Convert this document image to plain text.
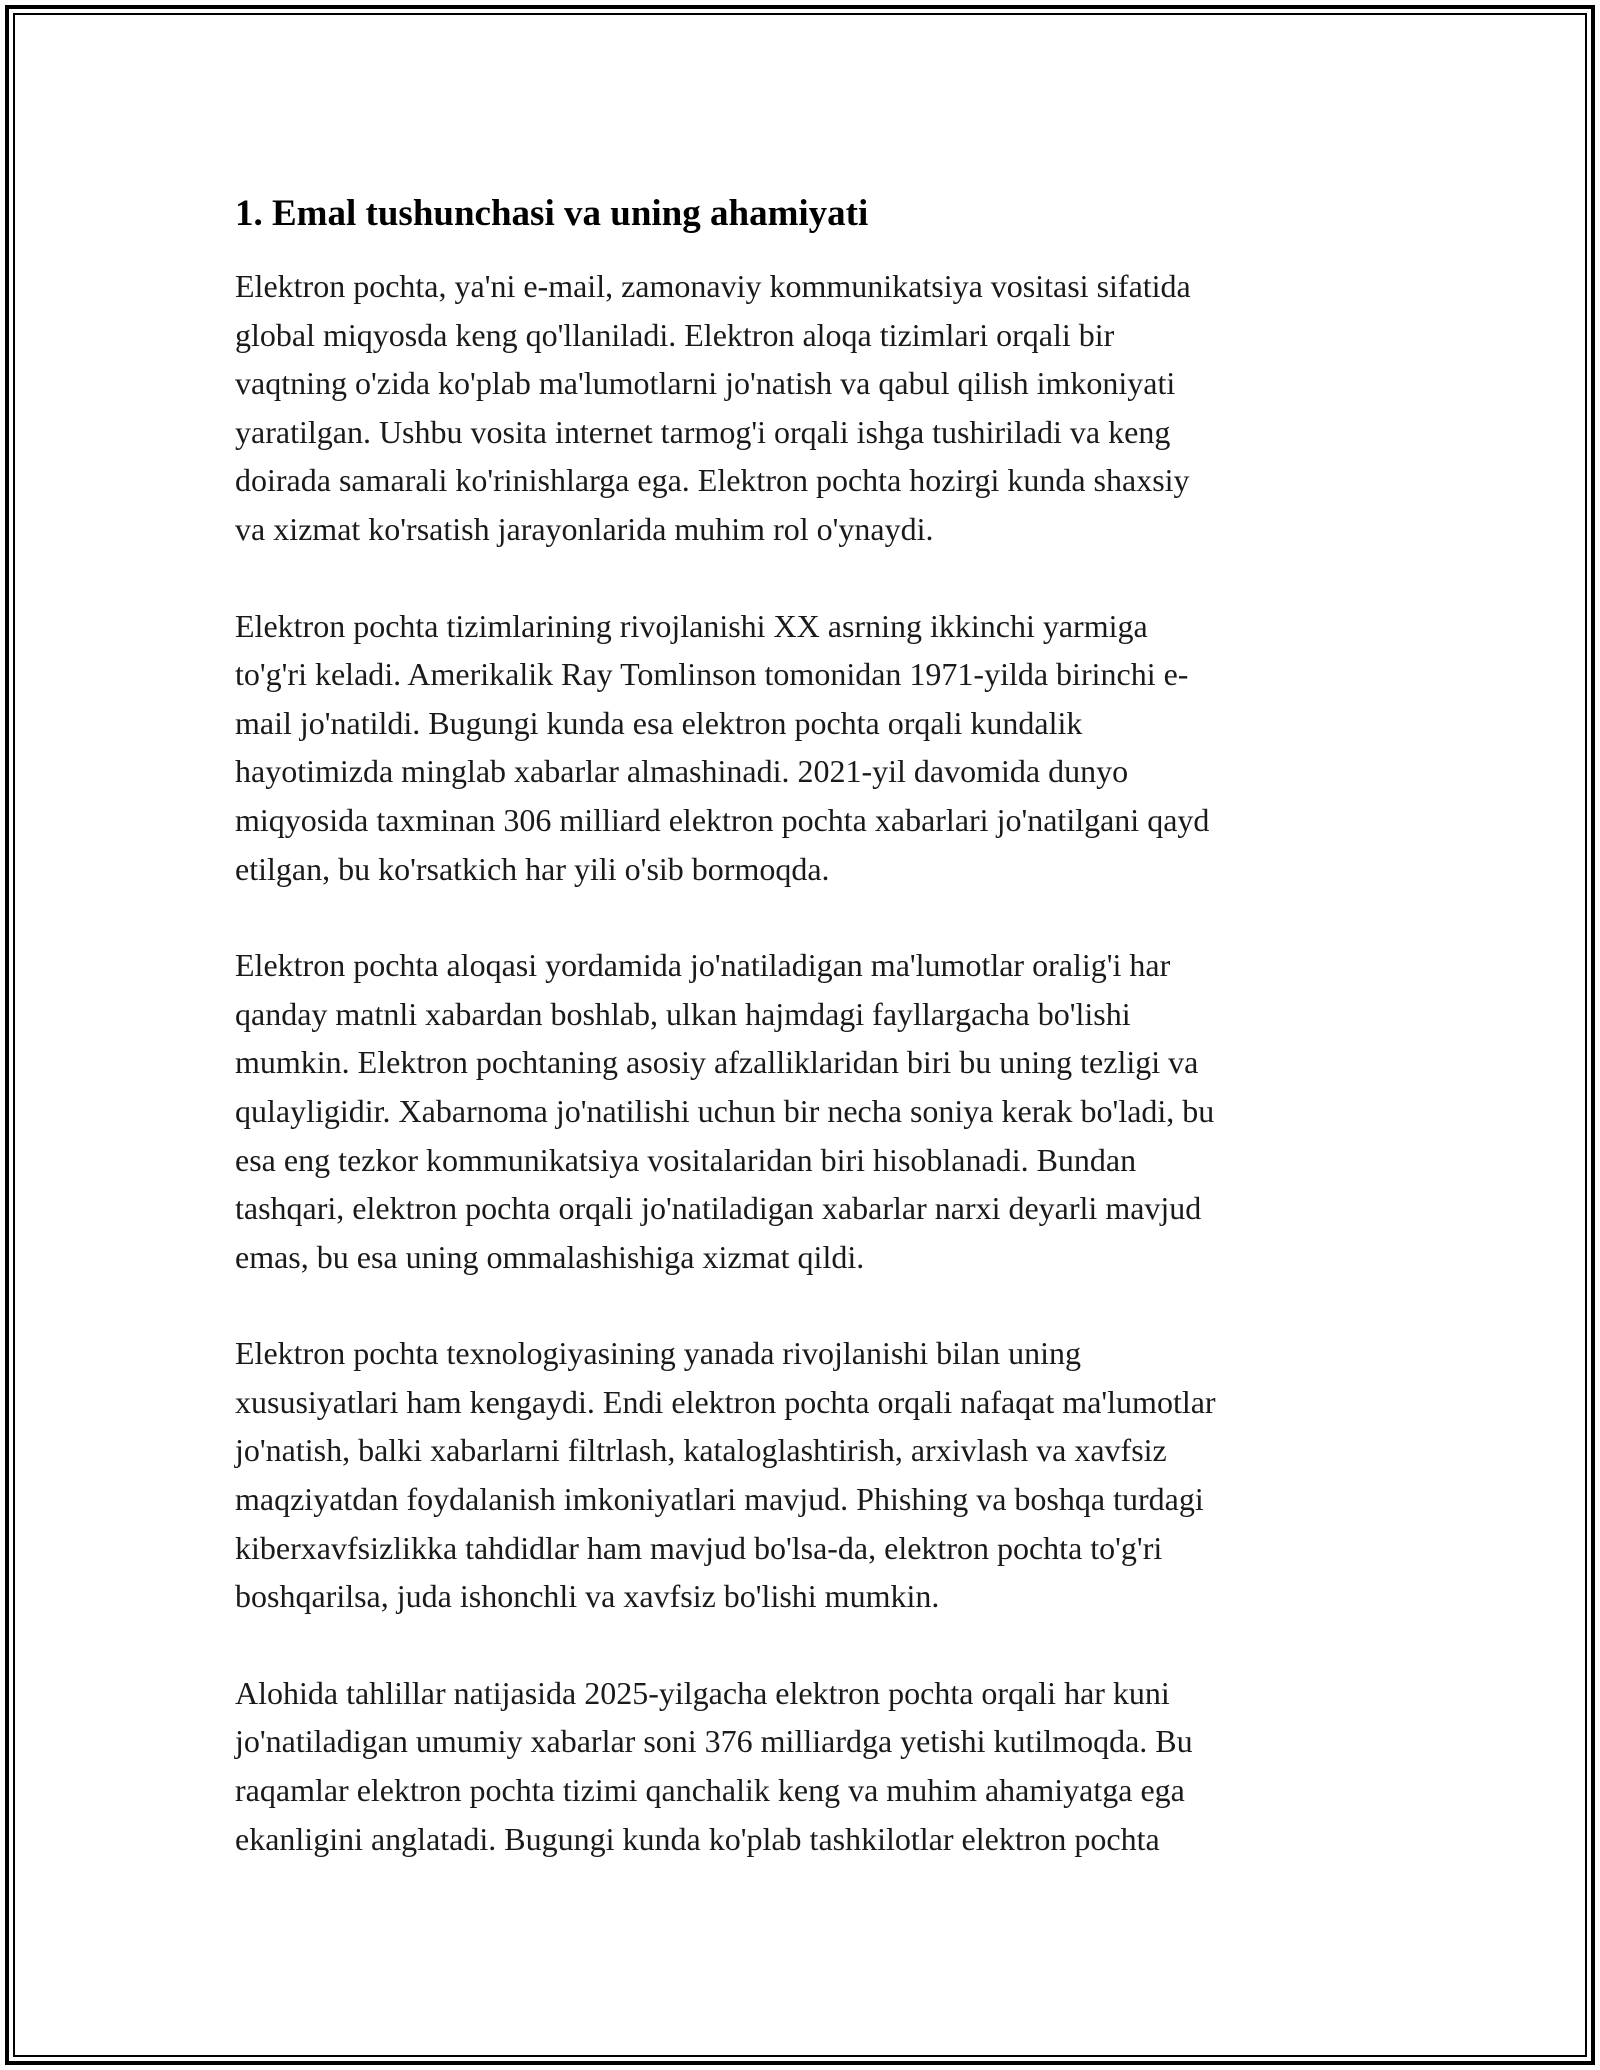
1. Emal tushunchasi va uning ahamiyati

Elektron pochta, ya'ni e-mail, zamonaviy kommunikatsiya vositasi sifatida
global miqyosda keng qo'llaniladi. Elektron aloqa tizimlari orqali bir
vaqtning o'zida ko'plab ma'lumotlarni jo'natish va qabul qilish imkoniyati
yaratilgan. Ushbu vosita internet tarmog'i orqali ishga tushiriladi va keng
doirada samarali ko'rinishlarga ega. Elektron pochta hozirgi kunda shaxsiy
va xizmat ko'rsatish jarayonlarida muhim rol o'ynaydi.

Elektron pochta tizimlarining rivojlanishi XX asrning ikkinchi yarmiga
to'g'ri keladi. Amerikalik Ray Tomlinson tomonidan 1971-yilda birinchi e-
mail jo'natildi. Bugungi kunda esa elektron pochta orqali kundalik
hayotimizda minglab xabarlar almashinadi. 2021-yil davomida dunyo
miqyosida taxminan 306 milliard elektron pochta xabarlari jo'natilgani qayd
etilgan, bu ko'rsatkich har yili o'sib bormoqda.

Elektron pochta aloqasi yordamida jo'natiladigan ma'lumotlar oralig'i har
qanday matnli xabardan boshlab, ulkan hajmdagi fayllargacha bo'lishi
mumkin. Elektron pochtaning asosiy afzalliklaridan biri bu uning tezligi va
qulayligidir. Xabarnoma jo'natilishi uchun bir necha soniya kerak bo'ladi, bu
esa eng tezkor kommunikatsiya vositalaridan biri hisoblanadi. Bundan
tashqari, elektron pochta orqali jo'natiladigan xabarlar narxi deyarli mavjud
emas, bu esa uning ommalashishiga xizmat qildi.

Elektron pochta texnologiyasining yanada rivojlanishi bilan uning
xususiyatlari ham kengaydi. Endi elektron pochta orqali nafaqat ma'lumotlar
jo'natish, balki xabarlarni filtrlash, kataloglashtirish, arxivlash va xavfsiz
maqziyatdan foydalanish imkoniyatlari mavjud. Phishing va boshqa turdagi
kiberxavfsizlikka tahdidlar ham mavjud bo'lsa-da, elektron pochta to'g'ri
boshqarilsa, juda ishonchli va xavfsiz bo'lishi mumkin.

Alohida tahlillar natijasida 2025-yilgacha elektron pochta orqali har kuni
jo'natiladigan umumiy xabarlar soni 376 milliardga yetishi kutilmoqda. Bu
raqamlar elektron pochta tizimi qanchalik keng va muhim ahamiyatga ega
ekanligini anglatadi. Bugungi kunda ko'plab tashkilotlar elektron pochta
